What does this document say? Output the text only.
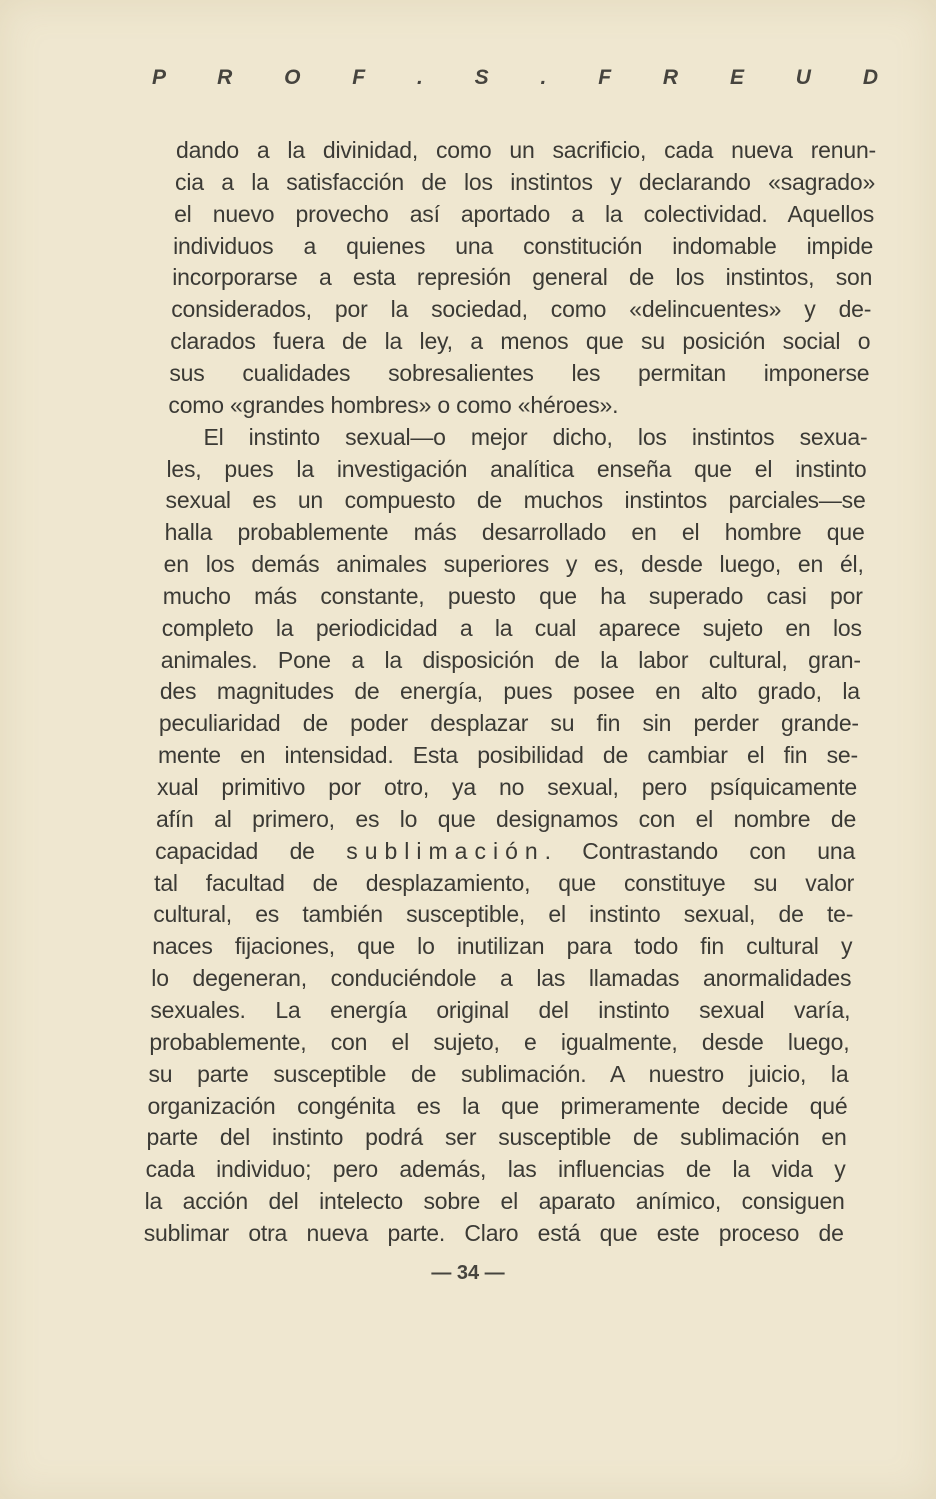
P R O F . S . F R E U D
dando a la divinidad, como un sacrificio, cada nueva renun-
cia a la satisfacción de los instintos y declarando «sagrado»
el nuevo provecho así aportado a la colectividad. Aquellos
individuos a quienes una constitución indomable impide
incorporarse a esta represión general de los instintos, son
considerados, por la sociedad, como «delincuentes» y de-
clarados fuera de la ley, a menos que su posición social o
sus cualidades sobresalientes les permitan imponerse
como «grandes hombres» o como «héroes».
El instinto sexual—o mejor dicho, los instintos sexua-
les, pues la investigación analítica enseña que el instinto
sexual es un compuesto de muchos instintos parciales—se
halla probablemente más desarrollado en el hombre que
en los demás animales superiores y es, desde luego, en él,
mucho más constante, puesto que ha superado casi por
completo la periodicidad a la cual aparece sujeto en los
animales. Pone a la disposición de la labor cultural, gran-
des magnitudes de energía, pues posee en alto grado, la
peculiaridad de poder desplazar su fin sin perder grande-
mente en intensidad. Esta posibilidad de cambiar el fin se-
xual primitivo por otro, ya no sexual, pero psíquicamente
afín al primero, es lo que designamos con el nombre de
capacidad de sublimación. Contrastando con una
tal facultad de desplazamiento, que constituye su valor
cultural, es también susceptible, el instinto sexual, de te-
naces fijaciones, que lo inutilizan para todo fin cultural y
lo degeneran, conduciéndole a las llamadas anormalidades
sexuales. La energía original del instinto sexual varía,
probablemente, con el sujeto, e igualmente, desde luego,
su parte susceptible de sublimación. A nuestro juicio, la
organización congénita es la que primeramente decide qué
parte del instinto podrá ser susceptible de sublimación en
cada individuo; pero además, las influencias de la vida y
la acción del intelecto sobre el aparato anímico, consiguen
sublimar otra nueva parte. Claro está que este proceso de
— 34 —
